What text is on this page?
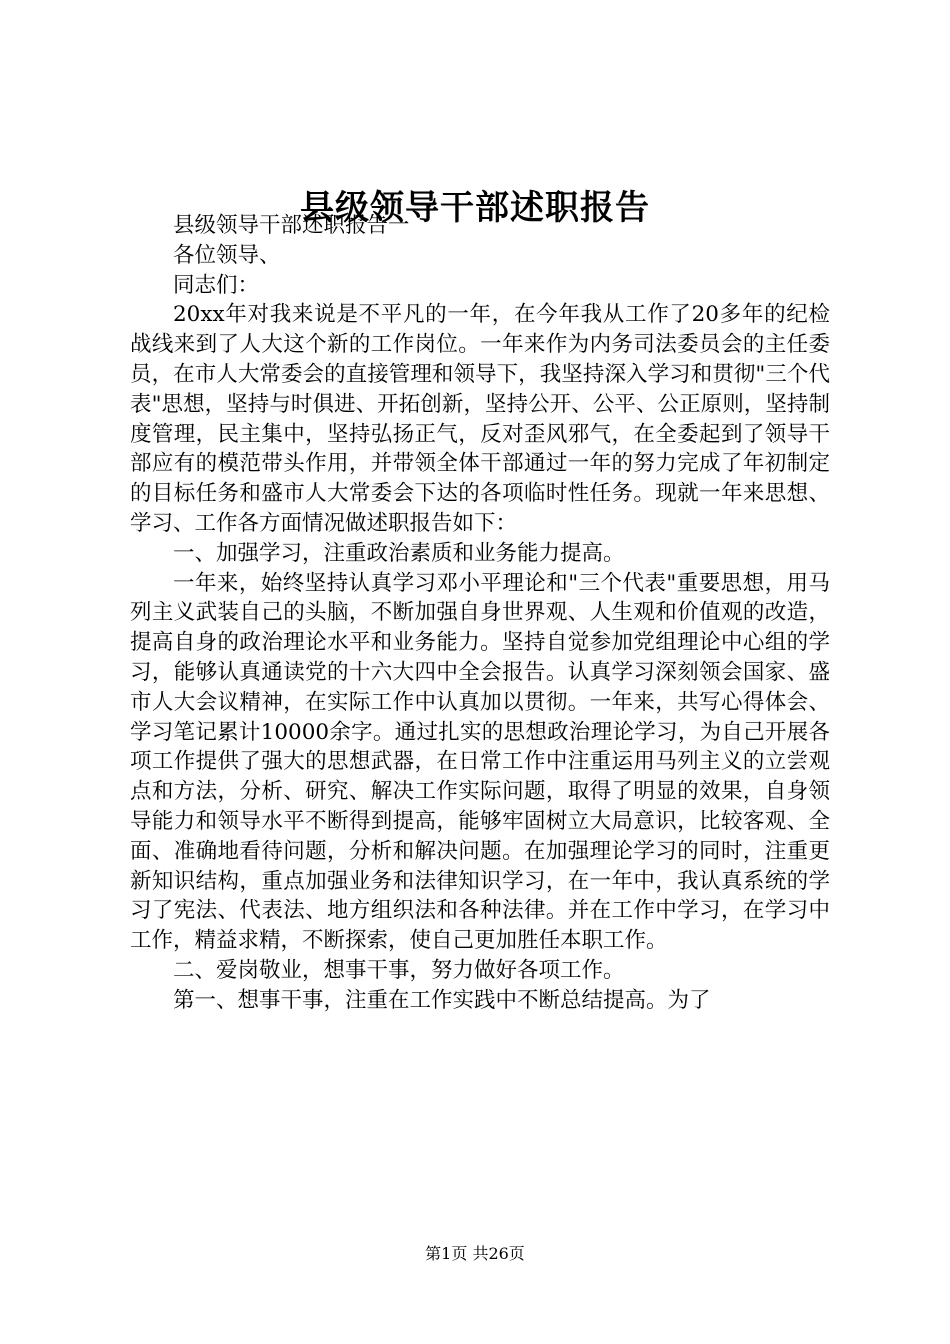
县级领导干部述职报告

县级领导干部述职报告一

各位领导、

同志们：

20xx年对我来说是不平凡的一年，在今年我从工作了20多年的纪检战线来到了人大这个新的工作岗位。一年来作为内务司法委员会的主任委员，在市人大常委会的直接管理和领导下，我坚持深入学习和贯彻"三个代表"思想，坚持与时俱进、开拓创新，坚持公开、公平、公正原则，坚持制度管理，民主集中，坚持弘扬正气，反对歪风邪气，在全委起到了领导干部应有的模范带头作用，并带领全体干部通过一年的努力完成了年初制定的目标任务和盛市人大常委会下达的各项临时性任务。现就一年来思想、学习、工作各方面情况做述职报告如下：

一、加强学习，注重政治素质和业务能力提高。

一年来，始终坚持认真学习邓小平理论和"三个代表"重要思想，用马列主义武装自己的头脑，不断加强自身世界观、人生观和价值观的改造，提高自身的政治理论水平和业务能力。坚持自觉参加党组理论中心组的学习，能够认真通读党的十六大四中全会报告。认真学习深刻领会国家、盛市人大会议精神，在实际工作中认真加以贯彻。一年来，共写心得体会、学习笔记累计10000余字。通过扎实的思想政治理论学习，为自己开展各项工作提供了强大的思想武器，在日常工作中注重运用马列主义的立尝观点和方法，分析、研究、解决工作实际问题，取得了明显的效果，自身领导能力和领导水平不断得到提高，能够牢固树立大局意识，比较客观、全面、准确地看待问题，分析和解决问题。在加强理论学习的同时，注重更新知识结构，重点加强业务和法律知识学习，在一年中，我认真系统的学习了宪法、代表法、地方组织法和各种法律。并在工作中学习，在学习中工作，精益求精，不断探索，使自己更加胜任本职工作。

二、爱岗敬业，想事干事，努力做好各项工作。

第一、想事干事，注重在工作实践中不断总结提高。为了

第1页 共26页
